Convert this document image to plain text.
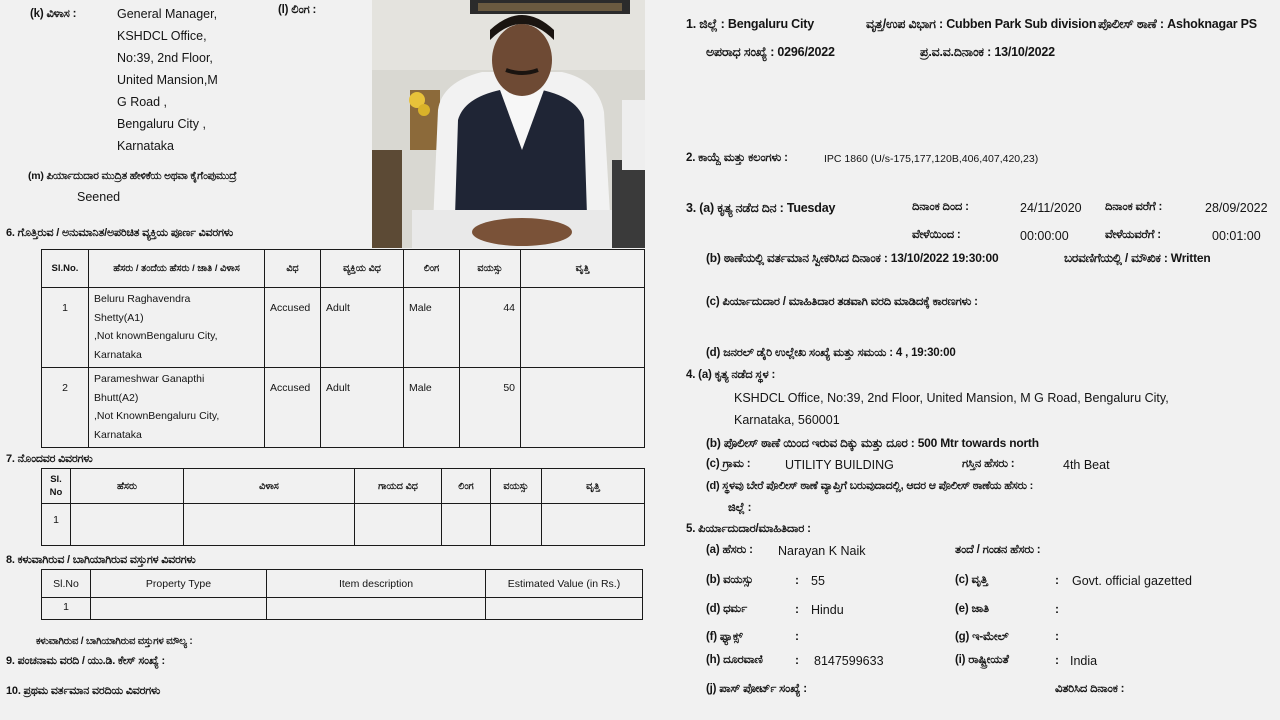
(k) ವಿಳಾಸ :	General Manager,
KSHDCL Office,
No:39, 2nd Floor,
United Mansion,M
G Road ,
Bengaluru City ,
Karnataka
(l) ಲಿಂಗ :
(m) ಪಿರ್ಯಾದುದಾರ ಮುದ್ರಿತ ಹೇಳಿಕೆಯ ಅಥವಾ ಕೈಗೆಂಪುಮುದ್ರೆ
Seened
6. ಗೊತ್ತಿರುವ / ಅನುಮಾನಿತ/ಅಪರಿಚಿತ ವ್ಯಕ್ತಿಯ ಪೂರ್ಣ ವಿವರಗಳು
Sl.No.	ಹೆಸರು / ತಂದೆಯ ಹೆಸರು / ಜಾತಿ / ವಿಳಾಸ	ವಿಧ	ವ್ಯಕ್ತಿಯ ವಿಧ	ಲಿಂಗ	ವಯಸ್ಸು	ವೃತ್ತಿ
1	Beluru Raghavendra
Shetty(A1)
,Not knownBengaluru City,
Karnataka	Accused	Adult	Male	44	
2	Parameshwar Ganapthi
Bhutt(A2)
,Not KnownBengaluru City,
Karnataka	Accused	Adult	Male	50	
7. ನೊಂದವರ ವಿವರಗಳು
Sl.
No	ಹೆಸರು	ವಿಳಾಸ	ಗಾಯದ ವಿಧ	ಲಿಂಗ	ವಯಸ್ಸು	ವೃತ್ತಿ
1						
8. ಕಳುವಾಗಿರುವ / ಬಾಗಿಯಾಗಿರುವ ವಸ್ತುಗಳ ವಿವರಗಳು
Sl.No	Property Type	Item description	Estimated Value (in Rs.)
1			
ಕಳುವಾಗಿರುವ / ಬಾಗಿಯಾಗಿರುವ ವಸ್ತುಗಳ ಮೌಲ್ಯ :
9. ಪಂಚನಾಮ ವರದಿ / ಯು.ಡಿ. ಕೇಸ್ ಸಂಖ್ಯೆ :
10. ಪ್ರಥಮ ವರ್ತಮಾನ ವರದಿಯ ವಿವರಗಳು
1. ಜಿಲ್ಲೆ : Bengaluru City	ವೃತ್ತ/ಉಪ ವಿಭಾಗ : Cubben Park Sub division ಪೊಲೀಸ್ ಠಾಣೆ : Ashoknagar PS
ಅಪರಾಧ ಸಂಖ್ಯೆ : 0296/2022	ಪ್ರ.ವ.ವ.ದಿನಾಂಕ : 13/10/2022
2. ಕಾಯ್ದೆ ಮತ್ತು ಕಲಂಗಳು :	IPC 1860 (U/s-175,177,120B,406,407,420,23)
3. (a) ಕೃತ್ಯ ನಡೆದ ದಿನ : Tuesday	ದಿನಾಂಕ ದಿಂದ :	24/11/2020 ದಿನಾಂಕ ವರೆಗೆ :	28/09/2022
ವೇಳೆಯಿಂದ :	00:00:00	ವೇಳೆಯವರೆಗೆ :	00:01:00
(b) ಠಾಣೆಯಲ್ಲಿ ವರ್ತಮಾನ ಸ್ವೀಕರಿಸಿದ ದಿನಾಂಕ : 13/10/2022 19:30:00	ಬರವಣಿಗೆಯಲ್ಲಿ / ಮೌಖಿಕ : Written
(c) ಪಿರ್ಯಾದುದಾರ / ಮಾಹಿತಿದಾರ ತಡವಾಗಿ ವರದಿ ಮಾಡಿದಕ್ಕೆ ಕಾರಣಗಳು :
(d) ಜನರಲ್ ಡೈರಿ ಉಲ್ಲೇಖ ಸಂಖ್ಯೆ ಮತ್ತು ಸಮಯ : 4 , 19:30:00
4. (a) ಕೃತ್ಯ ನಡೆದ ಸ್ಥಳ :
KSHDCL Office, No:39, 2nd Floor, United Mansion, M G Road, Bengaluru City,
Karnataka, 560001
(b) ಪೊಲೀಸ್ ಠಾಣೆ ಯಿಂದ ಇರುವ ದಿಕ್ಕು ಮತ್ತು ದೂರ : 500 Mtr towards north
(c) ಗ್ರಾಮ :	UTILITY BUILDING	ಗಸ್ತಿನ ಹೆಸರು :	4th Beat
(d) ಸ್ಥಳವು ಬೇರೆ ಪೊಲೀಸ್ ಠಾಣೆ ವ್ಯಾಪ್ತಿಗೆ ಬರುವುದಾದಲ್ಲಿ, ಆದರ ಆ ಪೊಲೀಸ್ ಠಾಣೆಯ ಹೆಸರು :
ಜಿಲ್ಲೆ :
5. ಪಿರ್ಯಾದುದಾರ/ಮಾಹಿತಿದಾರ :
(a) ಹೆಸರು : Narayan K Naik	ತಂದೆ / ಗಂಡನ ಹೆಸರು :
(b) ವಯಸ್ಸು	: 55	(c) ವೃತ್ತಿ	: Govt. official gazetted
(d) ಧರ್ಮ	: Hindu	(e) ಜಾತಿ	:
(f) ಫ್ಯಾಕ್ಸ್	:	(g) ಇ-ಮೇಲ್	:
(h) ದೂರವಾಣಿ	: 8147599633	(i) ರಾಷ್ಟ್ರೀಯತೆ	: India
(j) ಪಾಸ್ ಪೋರ್ಟ್ ಸಂಖ್ಯೆ :	ವಿತರಿಸಿದ ದಿನಾಂಕ :
